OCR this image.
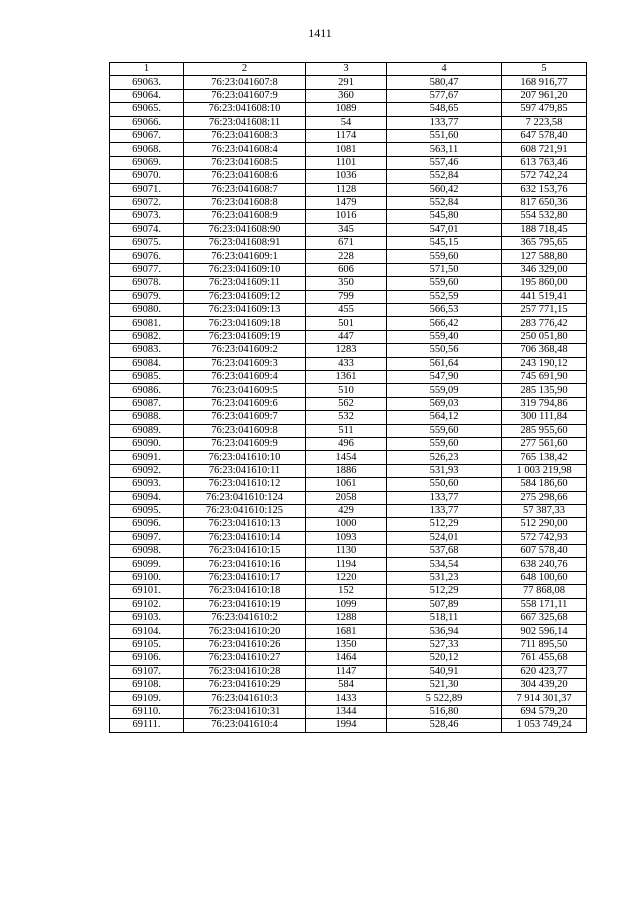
1411
1	2	3	4	5
69063.	76:23:041607:8	291	580,47	168 916,77
69064.	76:23:041607:9	360	577,67	207 961,20
69065.	76:23:041608:10	1089	548,65	597 479,85
69066.	76:23:041608:11	54	133,77	7 223,58
69067.	76:23:041608:3	1174	551,60	647 578,40
69068.	76:23:041608:4	1081	563,11	608 721,91
69069.	76:23:041608:5	1101	557,46	613 763,46
69070.	76:23:041608:6	1036	552,84	572 742,24
69071.	76:23:041608:7	1128	560,42	632 153,76
69072.	76:23:041608:8	1479	552,84	817 650,36
69073.	76:23:041608:9	1016	545,80	554 532,80
69074.	76:23:041608:90	345	547,01	188 718,45
69075.	76:23:041608:91	671	545,15	365 795,65
69076.	76:23:041609:1	228	559,60	127 588,80
69077.	76:23:041609:10	606	571,50	346 329,00
69078.	76:23:041609:11	350	559,60	195 860,00
69079.	76:23:041609:12	799	552,59	441 519,41
69080.	76:23:041609:13	455	566,53	257 771,15
69081.	76:23:041609:18	501	566,42	283 776,42
69082.	76:23:041609:19	447	559,40	250 051,80
69083.	76:23:041609:2	1283	550,56	706 368,48
69084.	76:23:041609:3	433	561,64	243 190,12
69085.	76:23:041609:4	1361	547,90	745 691,90
69086.	76:23:041609:5	510	559,09	285 135,90
69087.	76:23:041609:6	562	569,03	319 794,86
69088.	76:23:041609:7	532	564,12	300 111,84
69089.	76:23:041609:8	511	559,60	285 955,60
69090.	76:23:041609:9	496	559,60	277 561,60
69091.	76:23:041610:10	1454	526,23	765 138,42
69092.	76:23:041610:11	1886	531,93	1 003 219,98
69093.	76:23:041610:12	1061	550,60	584 186,60
69094.	76:23:041610:124	2058	133,77	275 298,66
69095.	76:23:041610:125	429	133,77	57 387,33
69096.	76:23:041610:13	1000	512,29	512 290,00
69097.	76:23:041610:14	1093	524,01	572 742,93
69098.	76:23:041610:15	1130	537,68	607 578,40
69099.	76:23:041610:16	1194	534,54	638 240,76
69100.	76:23:041610:17	1220	531,23	648 100,60
69101.	76:23:041610:18	152	512,29	77 868,08
69102.	76:23:041610:19	1099	507,89	558 171,11
69103.	76:23:041610:2	1288	518,11	667 325,68
69104.	76:23:041610:20	1681	536,94	902 596,14
69105.	76:23:041610:26	1350	527,33	711 895,50
69106.	76:23:041610:27	1464	520,12	761 455,68
69107.	76:23:041610:28	1147	540,91	620 423,77
69108.	76:23:041610:29	584	521,30	304 439,20
69109.	76:23:041610:3	1433	5 522,89	7 914 301,37
69110.	76:23:041610:31	1344	516,80	694 579,20
69111.	76:23:041610:4	1994	528,46	1 053 749,24
